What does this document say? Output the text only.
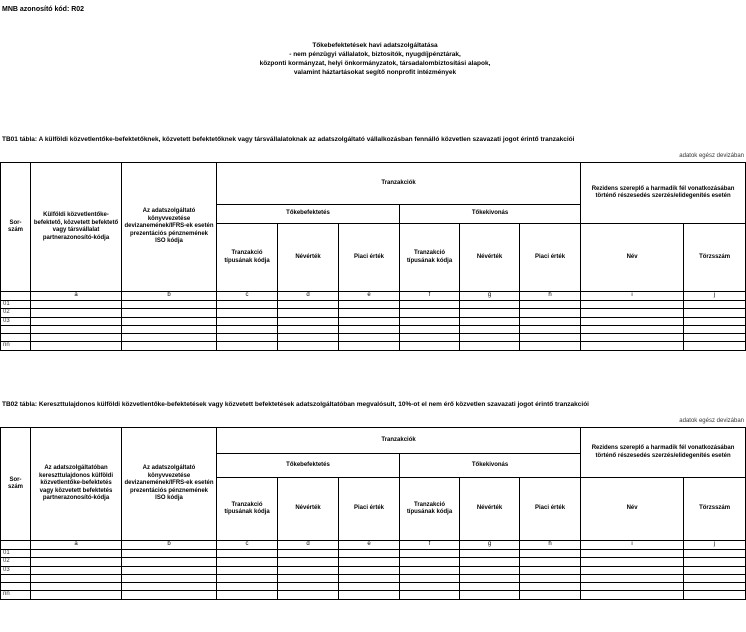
MNB azonosító kód: R02
Tőkebefektetések havi adatszolgáltatása
- nem pénzügyi vállalatok, biztosítók, nyugdíjpénztárak,
központi kormányzat, helyi önkormányzatok, társadalombiztosítási alapok,
valamint háztartásokat segítő nonprofit intézmények
TB01 tábla: A külföldi közvetlentőke-befektetőknek, közvetett befektetőknek vagy társvállalatoknak az adatszolgáltató vállalkozásban fennálló közvetlen szavazati jogot érintő tranzakciói
adatok egész devizában
Sor-
szám	Külföldi közvetlentőke-befektető, közvetett befektető vagy társvállalat partnerazonosító-kódja	Az adatszolgáltató könyvvezetése devizanemének/IFRS-ek esetén prezentációs pénznemének ISO kódja	Tranzakciók						Rezidens szereplő a harmadik fél vonatkozásában történő részesedés szerzés/elidegenítés esetén	
			Tőkebefektetés			Tőkekivonás				
			Tranzakció típusának kódja	Névérték	Piaci érték	Tranzakció típusának kódja	Névérték	Piaci érték	Név	Törzsszám
	a	b	c	d	e	f	g	h	i	j
01										
02										
03										

nn										
TB02 tábla: Kereszttulajdonos külföldi közvetlentőke-befektetések vagy közvetett befektetések adatszolgáltatóban megvalósult, 10%-ot el nem érő közvetlen szavazati jogot érintő tranzakciói
adatok egész devizában
Sor-
szám	Az adatszolgáltatóban kereszttulajdonos külföldi közvetlentőke-befektetés vagy közvetett befektetés partnerazonosító-kódja	Az adatszolgáltató könyvvezetése devizanemének/IFRS-ek esetén prezentációs pénznemének ISO kódja	Tranzakciók						Rezidens szereplő a harmadik fél vonatkozásában történő részesedés szerzés/elidegenítés esetén	
			Tőkebefektetés			Tőkekivonás				
			Tranzakció típusának kódja	Névérték	Piaci érték	Tranzakció típusának kódja	Névérték	Piaci érték	Név	Törzsszám
	a	b	c	d	e	f	g	h	i	j
01										
02										
03										

nn										
